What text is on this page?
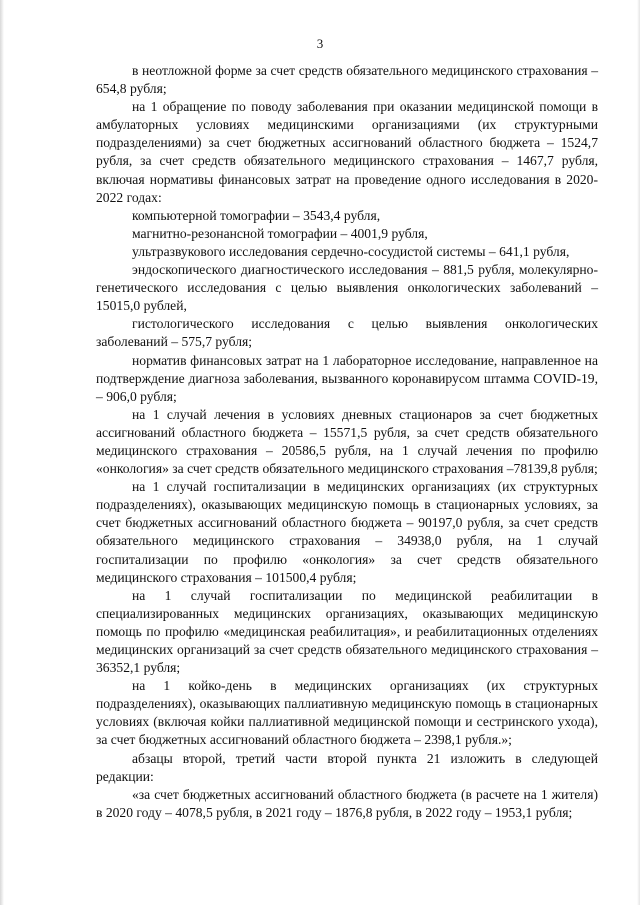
3

в неотложной форме за счет средств обязательного медицинского страхования – 654,8 рубля;

на 1 обращение по поводу заболевания при оказании медицинской помощи в амбулаторных условиях медицинскими организациями (их структурными подразделениями) за счет бюджетных ассигнований областного бюджета – 1524,7 рубля, за счет средств обязательного медицинского страхования – 1467,7 рубля, включая нормативы финансовых затрат на проведение одного исследования в 2020-2022 годах:

компьютерной томографии – 3543,4 рубля,

магнитно-резонансной томографии – 4001,9 рубля,

ультразвукового исследования сердечно-сосудистой системы – 641,1 рубля,

эндоскопического диагностического исследования – 881,5 рубля, молекулярно-генетического исследования с целью выявления онкологических заболеваний – 15015,0 рублей,

гистологического исследования с целью выявления онкологических заболеваний – 575,7 рубля;

норматив финансовых затрат на 1 лабораторное исследование, направленное на подтверждение диагноза заболевания, вызванного коронавирусом штамма COVID-19, – 906,0 рубля;

на 1 случай лечения в условиях дневных стационаров за счет бюджетных ассигнований областного бюджета – 15571,5 рубля, за счет средств обязательного медицинского страхования – 20586,5 рубля, на 1 случай лечения по профилю «онкология» за счет средств обязательного медицинского страхования –78139,8 рубля;

на 1 случай госпитализации в медицинских организациях (их структурных подразделениях), оказывающих медицинскую помощь в стационарных условиях, за счет бюджетных ассигнований областного бюджета – 90197,0 рубля, за счет средств обязательного медицинского страхования – 34938,0 рубля, на 1 случай госпитализации по профилю «онкология» за счет средств обязательного медицинского страхования – 101500,4 рубля;

на 1 случай госпитализации по медицинской реабилитации в специализированных медицинских организациях, оказывающих медицинскую помощь по профилю «медицинская реабилитация», и реабилитационных отделениях медицинских организаций за счет средств обязательного медицинского страхования – 36352,1 рубля;

на 1 койко-день в медицинских организациях (их структурных подразделениях), оказывающих паллиативную медицинскую помощь в стационарных условиях (включая койки паллиативной медицинской помощи и сестринского ухода), за счет бюджетных ассигнований областного бюджета – 2398,1 рубля.»;

абзацы второй, третий части второй пункта 21 изложить в следующей редакции:

«за счет бюджетных ассигнований областного бюджета (в расчете на 1 жителя) в 2020 году – 4078,5 рубля, в 2021 году – 1876,8 рубля, в 2022 году – 1953,1 рубля;
